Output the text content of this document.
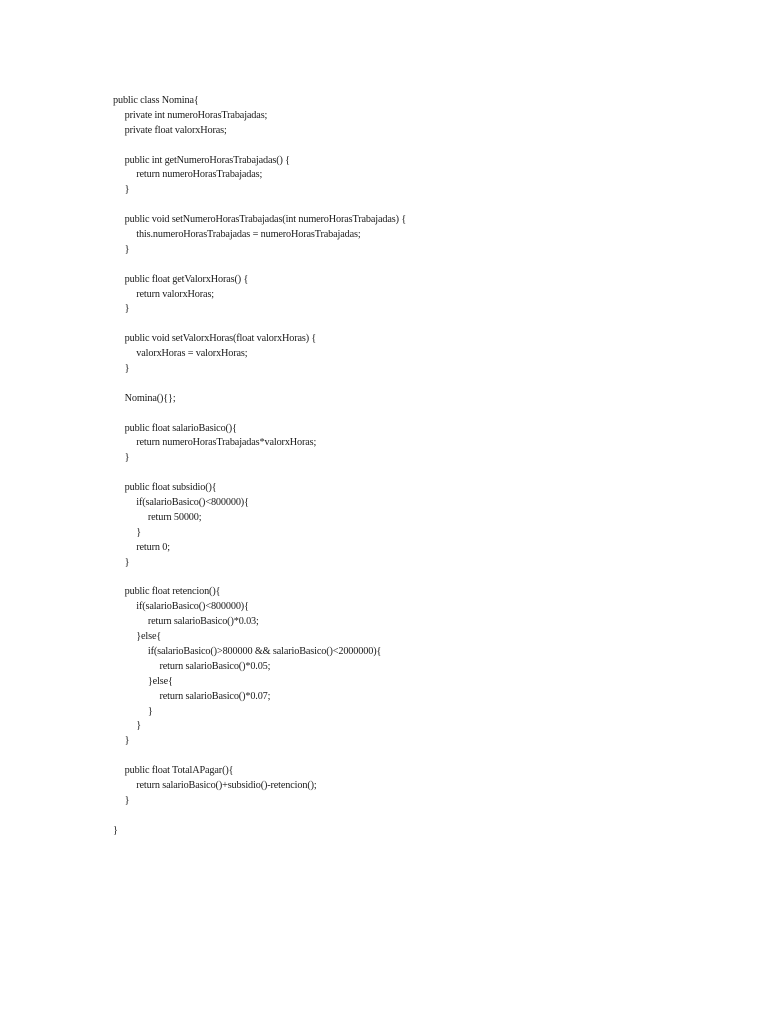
public class Nomina{
private int numeroHorasTrabajadas;
private float valorxHoras;
public int getNumeroHorasTrabajadas() {
return numeroHorasTrabajadas;
}
public void setNumeroHorasTrabajadas(int numeroHorasTrabajadas) {
this.numeroHorasTrabajadas = numeroHorasTrabajadas;
}
public float getValorxHoras() {
return valorxHoras;
}
public void setValorxHoras(float valorxHoras) {
valorxHoras = valorxHoras;
}
Nomina(){};
public float salarioBasico(){
return numeroHorasTrabajadas*valorxHoras;
}
public float subsidio(){
if(salarioBasico()<800000){
return 50000;
}
return 0;
}
public float retencion(){
if(salarioBasico()<800000){
return salarioBasico()*0.03;
}else{
if(salarioBasico()>800000 && salarioBasico()<2000000){
return salarioBasico()*0.05;
}else{
return salarioBasico()*0.07;
}
}
}
public float TotalAPagar(){
return salarioBasico()+subsidio()-retencion();
}
}
